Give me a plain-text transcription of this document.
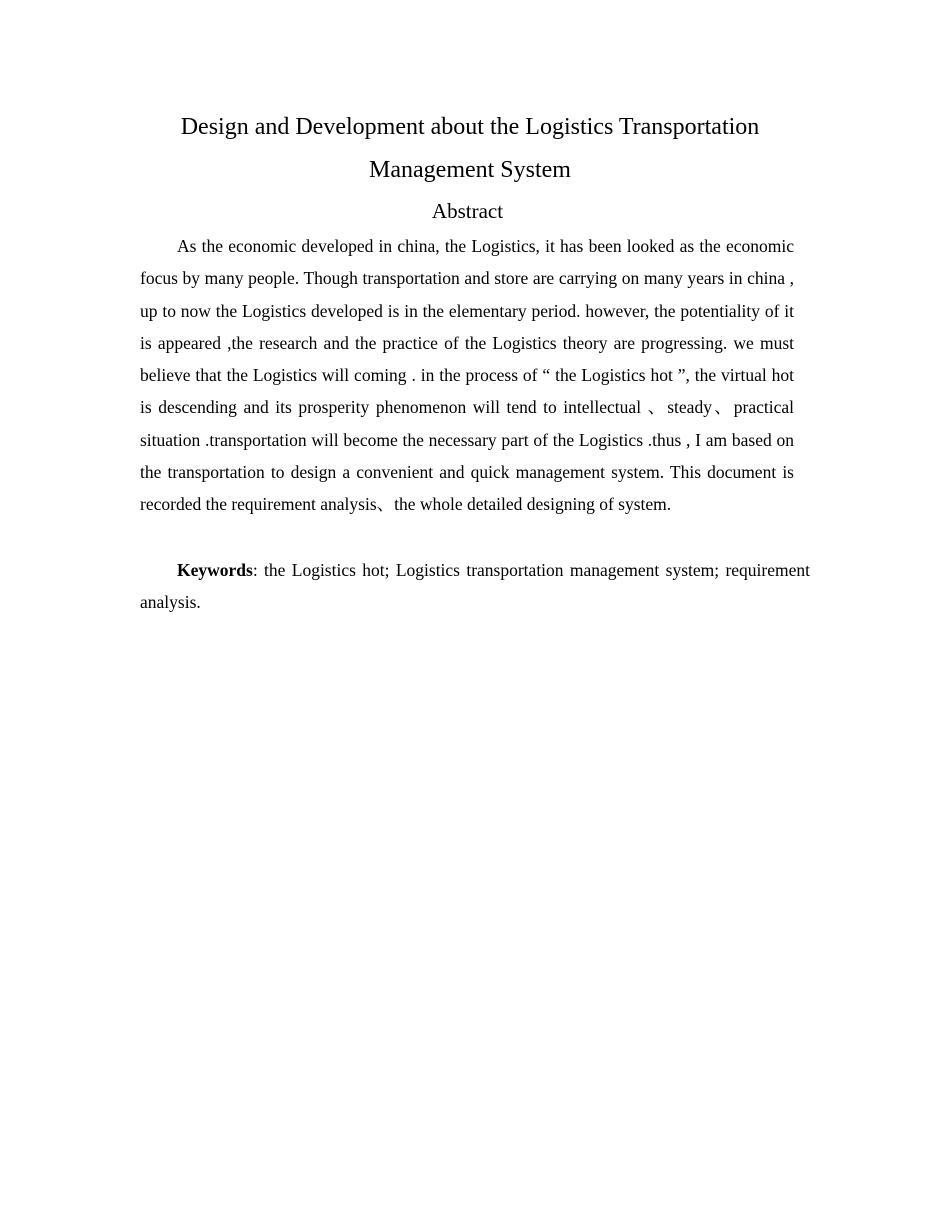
Design and Development about the Logistics Transportation
Management System
Abstract

As the economic developed in china, the Logistics, it has been looked as the economic focus by many people. Though transportation and store are carrying on many years in china , up to now the Logistics developed is in the elementary period. however, the potentiality of it is appeared ,the research and the practice of the Logistics theory are progressing. we must believe that the Logistics will coming . in the process of “ the Logistics hot ”, the virtual hot is descending and its prosperity phenomenon will tend to intellectual 、steady、practical situation .transportation will become the necessary part of the Logistics .thus , I am based on the transportation to design a convenient and quick management system. This document is recorded the requirement analysis、the whole detailed designing of system.

Keywords: the Logistics hot; Logistics transportation management system; requirement analysis.
